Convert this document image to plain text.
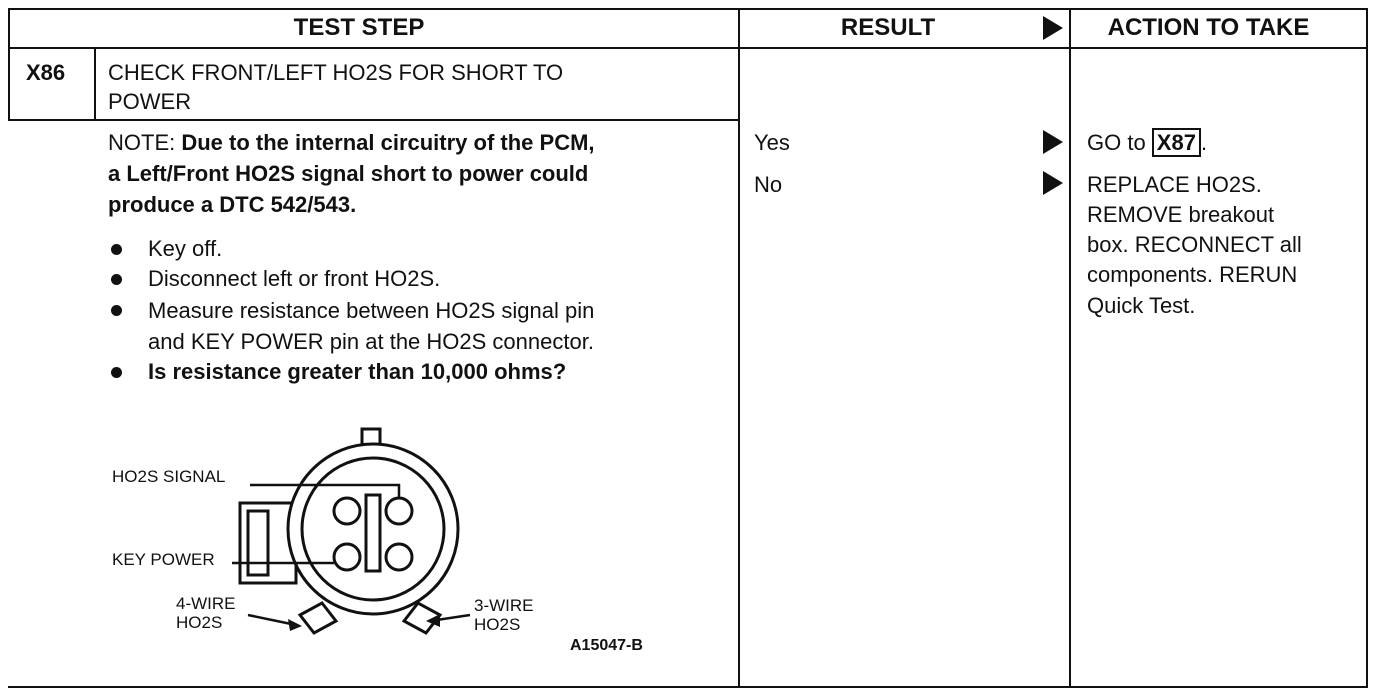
TEST STEP	RESULT	ACTION TO TAKE
X86 CHECK FRONT/LEFT HO2S FOR SHORT TO
POWER
NOTE: Due to the internal circuitry of the PCM,
a Left/Front HO2S signal short to power could
produce a DTC 542/543.
Key off.
Disconnect left or front HO2S.
Measure resistance between HO2S signal pin
and KEY POWER pin at the HO2S connector.
Is resistance greater than 10,000 ohms?
Yes
No
GO to X87 .
REPLACE HO2S.
REMOVE breakout
box. RECONNECT all
components. RERUN
Quick Test.
HO2S SIGNAL
KEY POWER
4-WIRE
HO2S
3-WIRE
HO2S
A15047-B
